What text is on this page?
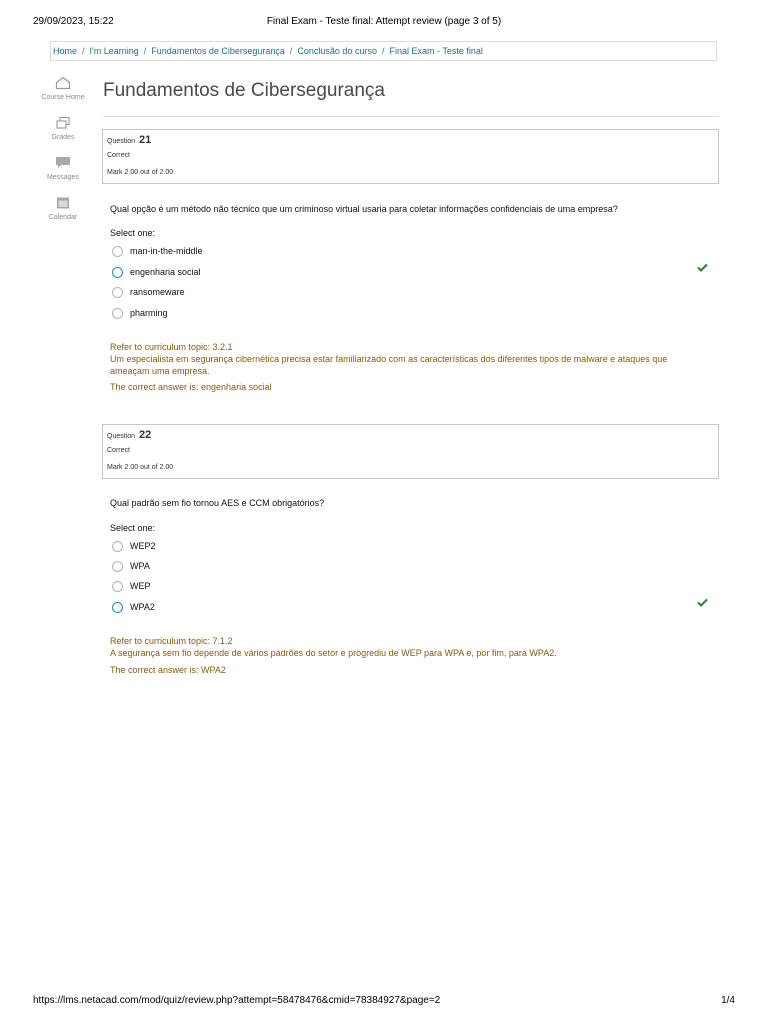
29/09/2023, 15:22	Final Exam - Teste final: Attempt review (page 3 of 5)
Home / I'm Learning / Fundamentos de Cibersegurança / Conclusão do curso / Final Exam - Teste final
Course Home
Grades
Messages
Calendar
Fundamentos de Cibersegurança
Question 21
Correct
Mark 2.00 out of 2.00
Qual opção é um método não técnico que um criminoso virtual usaria para coletar informações confidenciais de uma empresa?
Select one:
man-in-the-middle
engenharia social
ransomeware
pharming
Refer to curriculum topic: 3.2.1
Um especialista em segurança cibernética precisa estar familiarizado com as características dos diferentes tipos de malware e ataques que ameaçam uma empresa.
The correct answer is: engenharia social
Question 22
Correct
Mark 2.00 out of 2.00
Qual padrão sem fio tornou AES e CCM obrigatórios?
Select one:
WEP2
WPA
WEP
WPA2
Refer to curriculum topic: 7.1.2
A segurança sem fio depende de vários padrões do setor e progrediu de WEP para WPA e, por fim, para WPA2.
The correct answer is: WPA2
https://lms.netacad.com/mod/quiz/review.php?attempt=58478476&cmid=78384927&page=2	1/4
